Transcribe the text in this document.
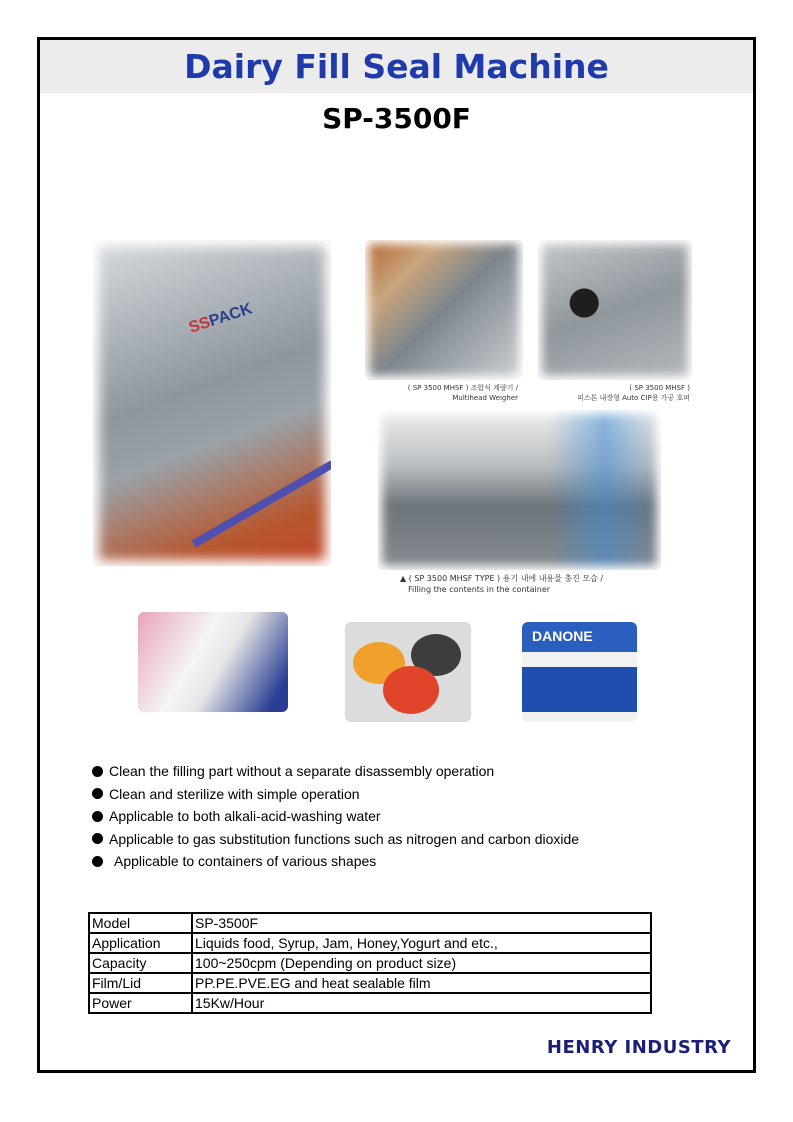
Dairy Fill Seal Machine
SP-3500F
SSPACK
( SP 3500 MHSF ) 조합식 계량기 /
Multihead Weigher
( SP 3500 MHSF )
피스톤 내장형 Auto CIP용 가공 호퍼
▲ ( SP 3500 MHSF TYPE ) 용기 내에 내용물 충진 모습 /
Filling the contents in the container
DANONE
Clean the filling part without a separate disassembly operation
Clean and sterilize with simple operation
Applicable to both alkali-acid-washing water
Applicable to gas substitution functions such as nitrogen and carbon dioxide
Applicable to containers of various shapes
Model	SP-3500F
Application	Liquids food, Syrup, Jam, Honey,Yogurt and etc.,
Capacity	100~250cpm (Depending on product size)
Film/Lid	PP.PE.PVE.EG and heat sealable film
Power	15Kw/Hour
HENRY INDUSTRY
